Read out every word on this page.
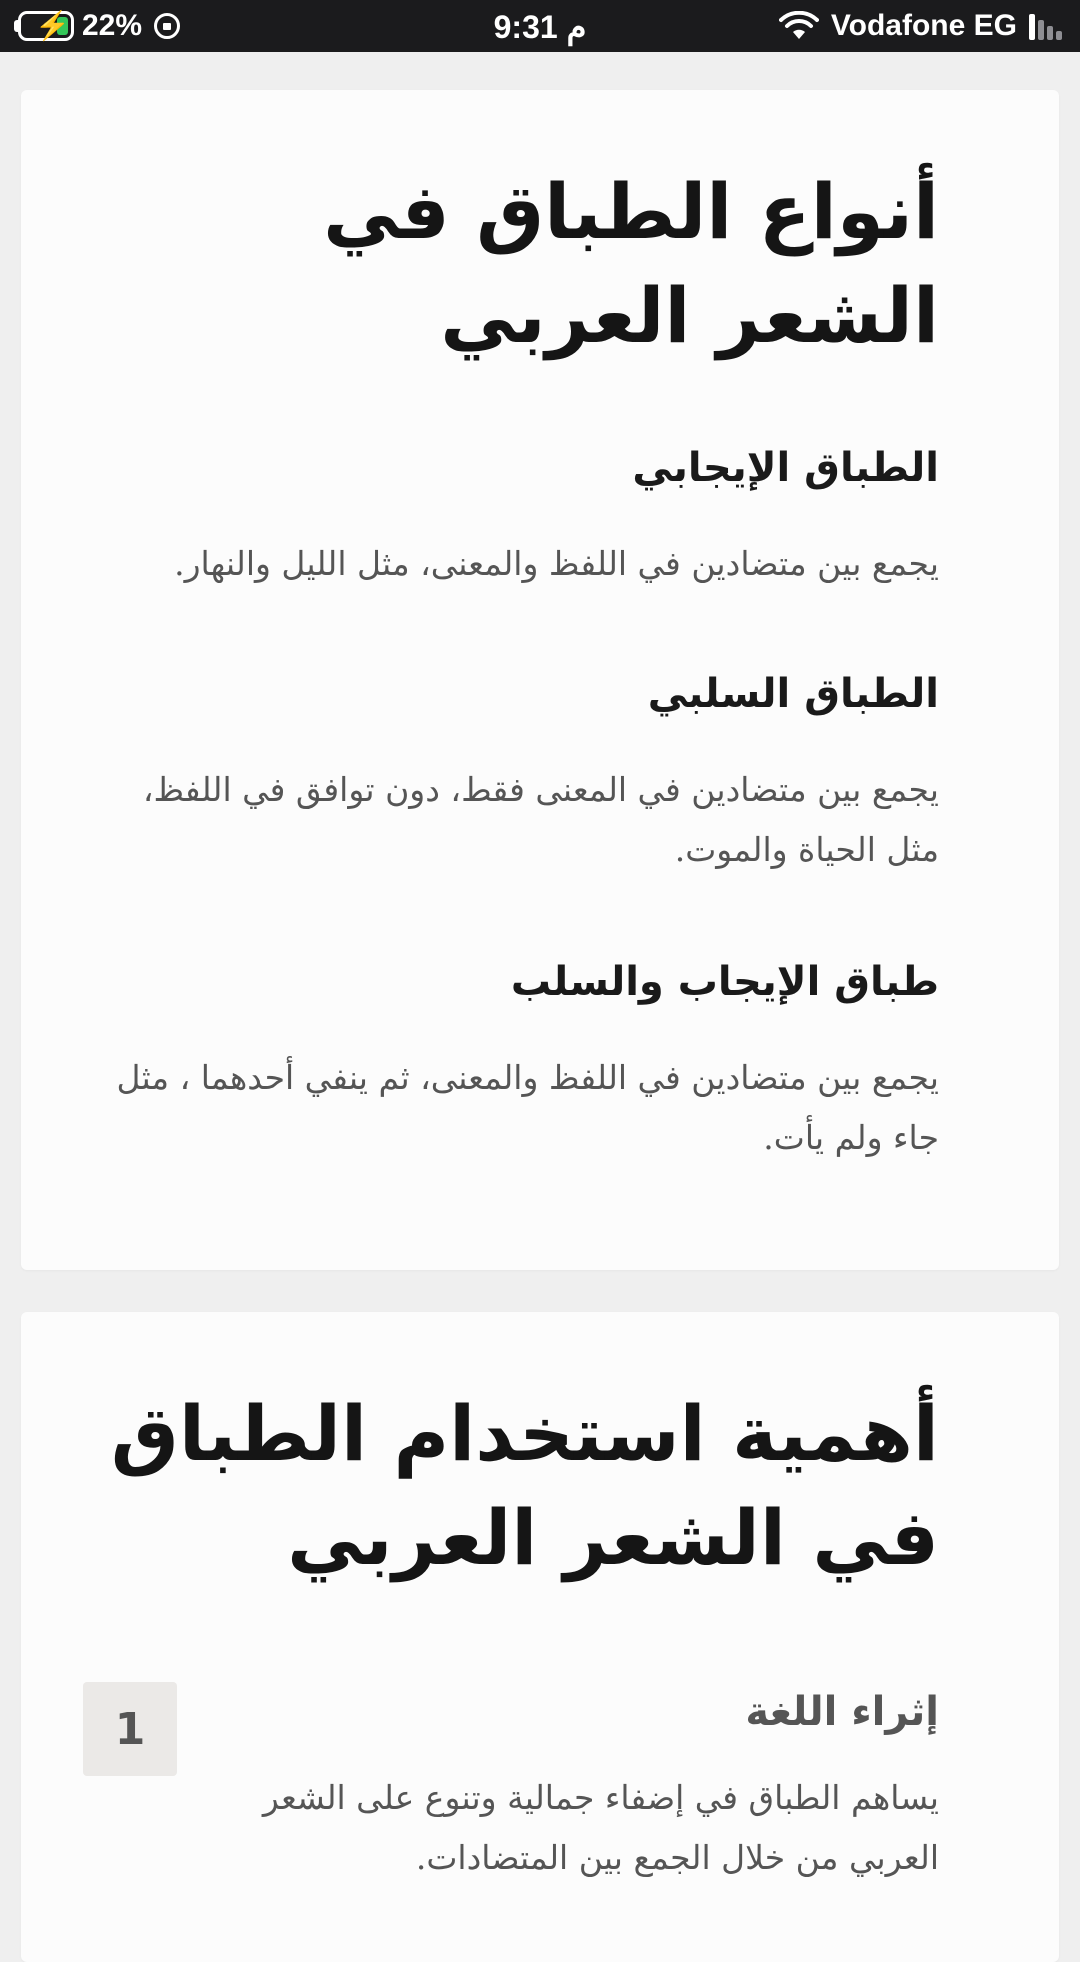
⚡ 22%	9:31 م	Vodafone EG
أنواع الطباق في الشعر العربي
الطباق الإيجابي

يجمع بين متضادين في اللفظ والمعنى، مثل الليل والنهار.

الطباق السلبي

يجمع بين متضادين في المعنى فقط، دون توافق في اللفظ، مثل الحياة والموت.

طباق الإيجاب والسلب

يجمع بين متضادين في اللفظ والمعنى، ثم ينفي أحدهما ، مثل جاء ولم يأت.

أهمية استخدام الطباق في الشعر العربي
1	إثراء اللغة

يساهم الطباق في إضفاء جمالية وتنوع على الشعر العربي من خلال الجمع بين المتضادات.
